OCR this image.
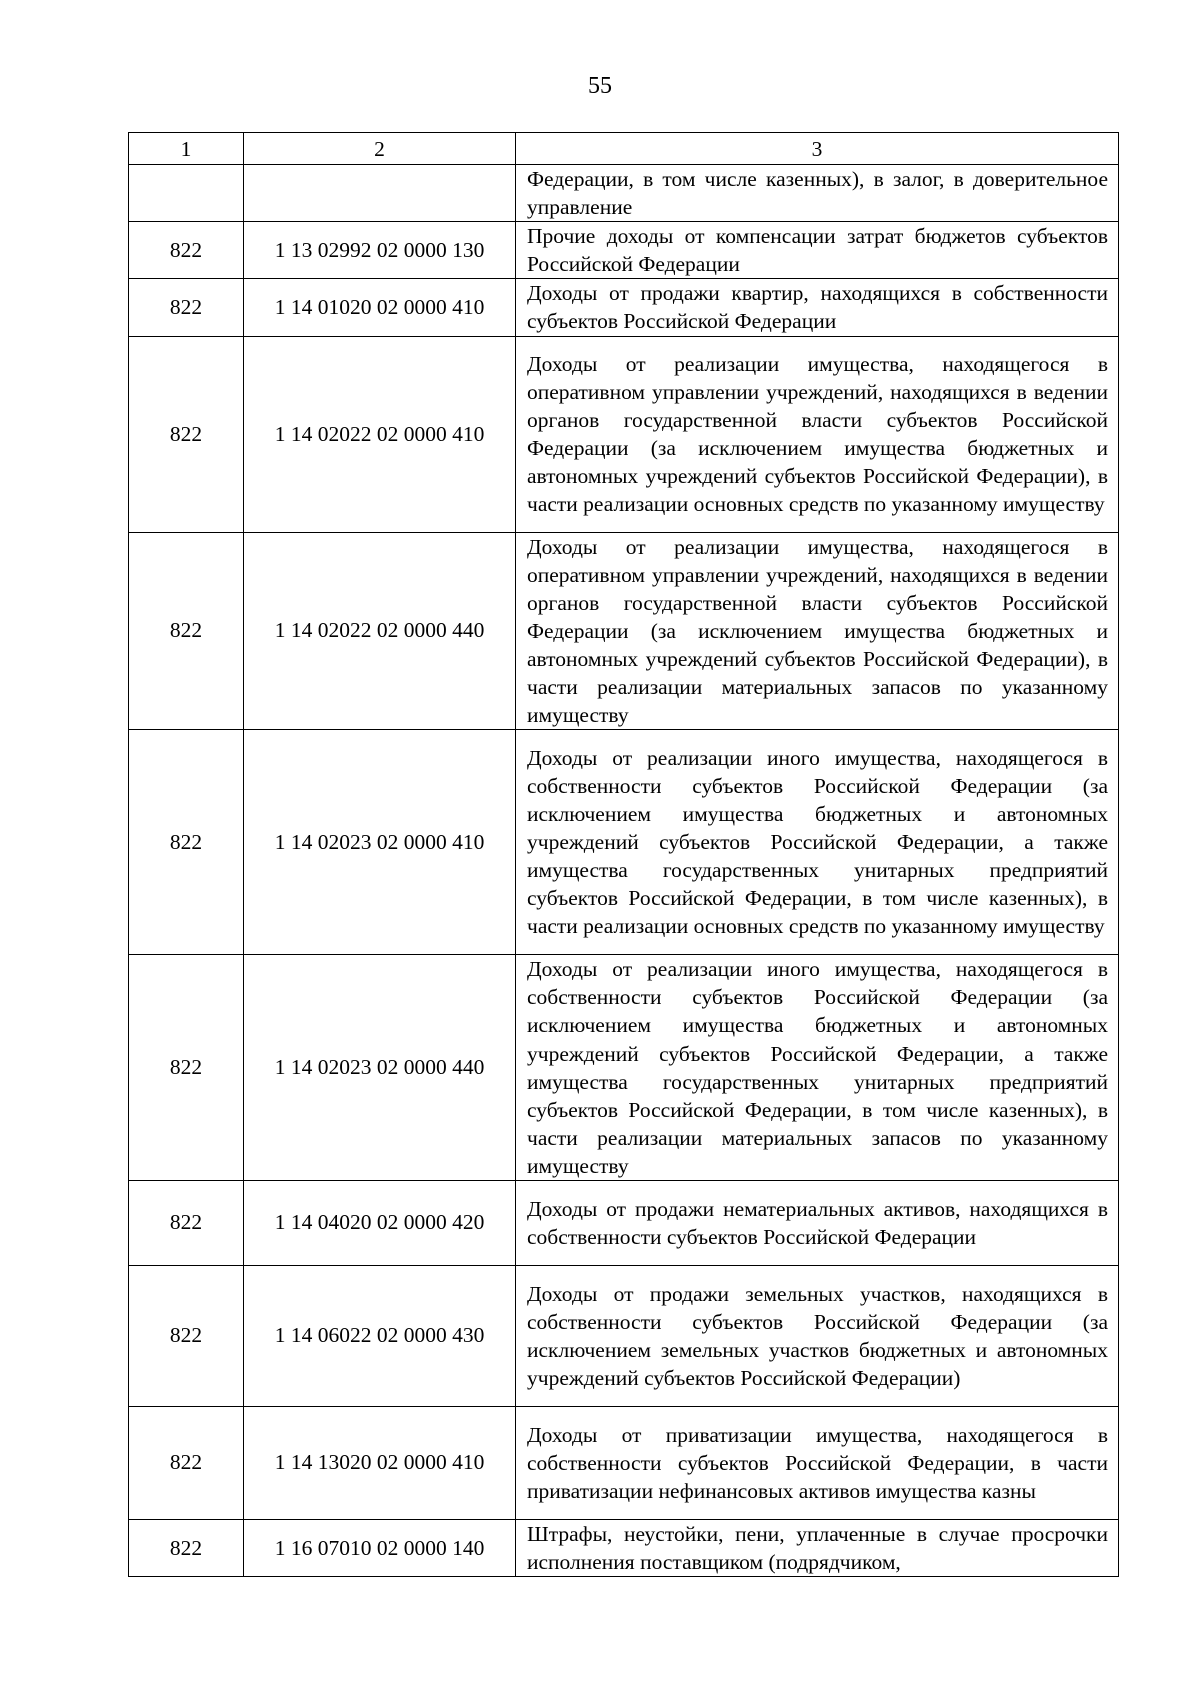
55
1	2	3
		Федерации, в том числе казенных), в залог, в доверительное управление
822	1 13 02992 02 0000 130	Прочие доходы от компенсации затрат бюджетов субъектов Российской Федерации
822	1 14 01020 02 0000 410	Доходы от продажи квартир, находящихся в собственности субъектов Российской Федерации
822	1 14 02022 02 0000 410	Доходы от реализации имущества, находящегося в оперативном управлении учреждений, находящихся в ведении органов государственной власти субъектов Российской Федерации (за исключением имущества бюджетных и автономных учреждений субъектов Российской Федерации), в части реализации основных средств по указанному имуществу
822	1 14 02022 02 0000 440	Доходы от реализации имущества, находящегося в оперативном управлении учреждений, находящихся в ведении органов государственной власти субъектов Российской Федерации (за исключением имущества бюджетных и автономных учреждений субъектов Российской Федерации), в части реализации материальных запасов по указанному имуществу
822	1 14 02023 02 0000 410	Доходы от реализации иного имущества, находящегося в собственности субъектов Российской Федерации (за исключением имущества бюджетных и автономных учреждений субъектов Российской Федерации, а также имущества государственных унитарных предприятий субъектов Российской Федерации, в том числе казенных), в части реализации основных средств по указанному имуществу
822	1 14 02023 02 0000 440	Доходы от реализации иного имущества, находящегося в собственности субъектов Российской Федерации (за исключением имущества бюджетных и автономных учреждений субъектов Российской Федерации, а также имущества государственных унитарных предприятий субъектов Российской Федерации, в том числе казенных), в части реализации материальных запасов по указанному имуществу
822	1 14 04020 02 0000 420	Доходы от продажи нематериальных активов, находящихся в собственности субъектов Российской Федерации
822	1 14 06022 02 0000 430	Доходы от продажи земельных участков, находящихся в собственности субъектов Российской Федерации (за исключением земельных участков бюджетных и автономных учреждений субъектов Российской Федерации)
822	1 14 13020 02 0000 410	Доходы от приватизации имущества, находящегося в собственности субъектов Российской Федерации, в части приватизации нефинансовых активов имущества казны
822	1 16 07010 02 0000 140	Штрафы, неустойки, пени, уплаченные в случае просрочки исполнения поставщиком (подрядчиком,
